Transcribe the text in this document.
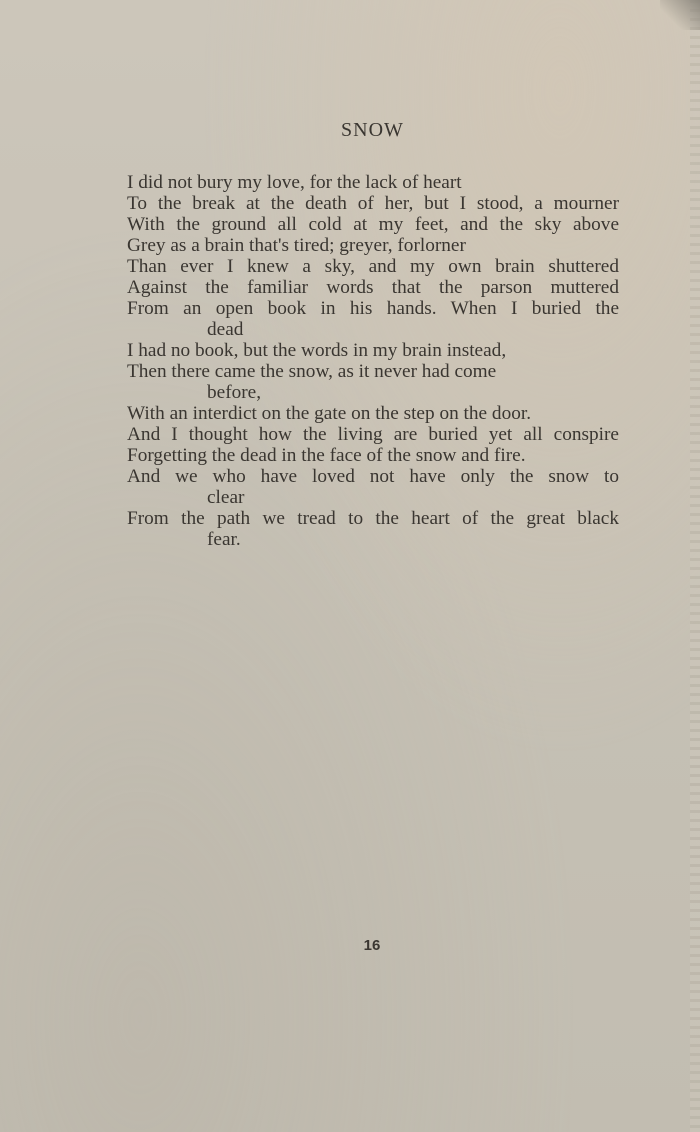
SNOW
I did not bury my love, for the lack of heart
To the break at the death of her, but I stood, a mourner
With the ground all cold at my feet, and the sky above
Grey as a brain that's tired; greyer, forlorner
Than ever I knew a sky, and my own brain shuttered
Against the familiar words that the parson muttered
From an open book in his hands. When I buried the
dead
I had no book, but the words in my brain instead,
Then there came the snow, as it never had come
before,
With an interdict on the gate on the step on the door.
And I thought how the living are buried yet all conspire
Forgetting the dead in the face of the snow and fire.
And we who have loved not have only the snow to
clear
From the path we tread to the heart of the great black
fear.
16
